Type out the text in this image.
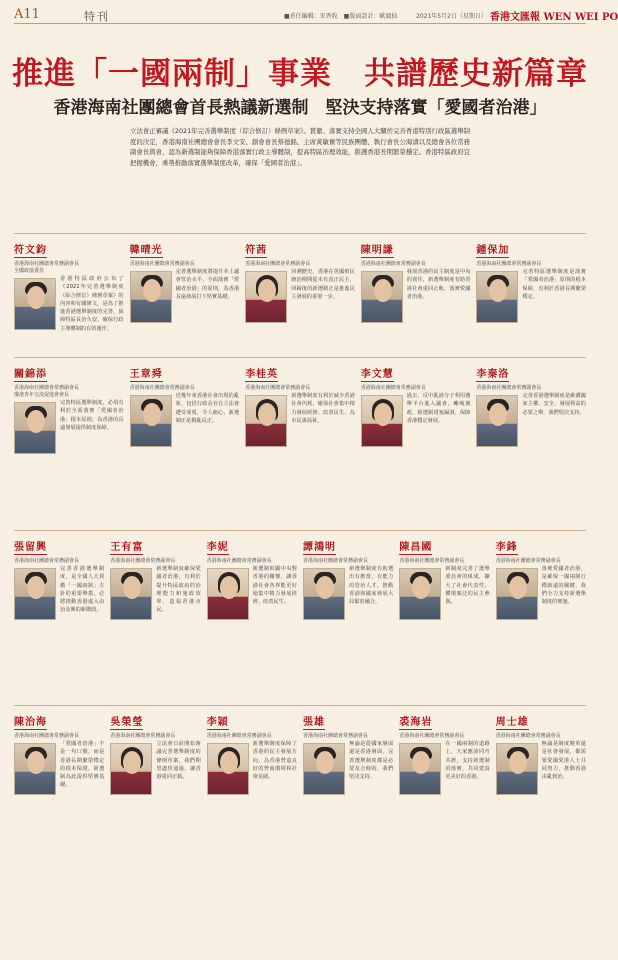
A11	特刊	■責任編輯：宋香收　■版面設計：歐鳳仙	2021年5月2日（星期日） 香港文匯報 WEN WEI PO
推進「一國兩制」事業　共譜歷史新篇章
香港海南社團總會首長熱議新選制　堅決支持落實「愛國者治港」

立法會正審議《2021年完善選舉制度（綜合修訂）條例草案》。貫徹、落實支持全國人大關於完善香港特別行政區選舉制度的決定，香港海南社團總會會長李文安、創會會長蔡德銘、主席黃敏奮等民族團體、執行會長公海濤以及總會各位常務副會長與會，認為新選制能夠保障香港落實行政主導體制，提高特區治理效能，維護香港長期繁榮穩定。香港特區政府宜把握機會，乘勢推動落實選舉制度改革，確保「愛國者治港」。

符文鈞
香港海南社團總會常務副會長
全國政協委員

香港特區政府公布了《2021年完善選舉制度（綜合修訂）條例草案》的內容和有關條文，是為了推進香港選舉制度的完善，保障特區長治久安，確保行政主導體制的有效運作。

韓晴光
香港海南社團總會常務副會長

完善選舉制度將提升本土議會管治水平，全面落實「愛國者治港」的原則，為香港長遠發展打下堅實基礎。

符茜
香港海南社團總會常務副會長

回溯歷史，香港在英國殖民統治期間從未有真正民主，回歸後的新選制正是推進民主發展的重要一步。

陳明謙
香港海南社團總會常務副會長

發展香港的民主制度是中央的責任，新選舉制度有助香港社會重回正軌，落實愛國者治港。

鍾保加
香港海南社團總會常務副會長

完善特區選舉制度是落實「愛國者治港」原則的根本保障，有利於香港長期繁榮穩定。

關錦添
香港海南社團總會常務副會長
瓊港青年交流促進會會長

完善特區選舉制度，必須有利於全面落實「愛國者治港」根本原則，為香港的長遠發展提供制度保障。

王章舜
香港海南社團總會常務副會長

近幾年來香港社會出現的亂象，包括行政長官在立法會遭受辱罵，令人痛心，新選制正是撥亂反正。

李桂英
香港海南社團總會常務副會長

新選舉制度有利於減少香港社會內耗，確保社會集中精力發展經濟、改善民生，為市民謀福祉。

李文慧
香港海南社團總會常務副會長

過去，反中亂港分子利用選舉平台進入議會，癱瘓施政，新選制堵塞漏洞，保障香港穩定發展。

李秦洛
香港海南社團總會常務副會長

完善香港選舉制度是維護國家主權、安全、發展利益的必要之舉，我們堅決支持。

張留興
香港海南社團總會常務副會長

完善香港選舉制度，是全國人大貫徹「一國兩制」方針的重要舉措，必將推動香港進入由治及興的新階段。

王有富
香港海南社團總會常務副會長

新選舉制度確保愛國者治港，有利於提升特區政府的治理能力和施政效率，造福香港市民。

李妮
香港海南社團總會常務副會長

新選制彰顯中央對香港的關懷，讓香港社會各界能更好地集中精力發展經濟、改善民生。

譚鴻明
香港海南社團總會常務副會長

新選舉制度有助選出有擔當、有能力的管治人才，推動香港與國家發展大局緊密融合。

陳昌國
香港海南社團總會常務副會長

新制度完善了選舉委員會的組成，擴大了社會代表性，體現廣泛的民主參與。

李鋒
香港海南社團總會常務副會長

落實愛國者治港，是確保一國兩制行穩致遠的關鍵，我們全力支持新選舉制度的實施。

陳治海
香港海南社團總會常務副會長

「愛國者治港」不是一句口號，而是香港長期繁榮穩定的根本保證，新選制為此提供堅實基礎。

吳榮瑩
香港海南社團總會常務副會長

立法會日前開始審議完善選舉制度的條例草案，我們期望盡快通過，讓香港重回正軌。

李穎
香港海南社團總會常務副會長

新選舉制度保障了香港的民主發展方向，為香港營造良好的營商環境和社會氛圍。

張雄
香港海南社團總會常務副會長

無論是從國家層面還是香港層面，完善選舉制度都是必要及合時的，我們堅決支持。

裘海岩
香港海南社團總會常務副會長

在一國兩制的道路上，大家應該同舟共濟，支持新選制的落實，共同建設更美好的香港。

周士雄
香港海南社團總會常務副會長

無論是制度變革還是社會發展，都需要愛國愛港人士共同努力，推動香港由亂到治。
